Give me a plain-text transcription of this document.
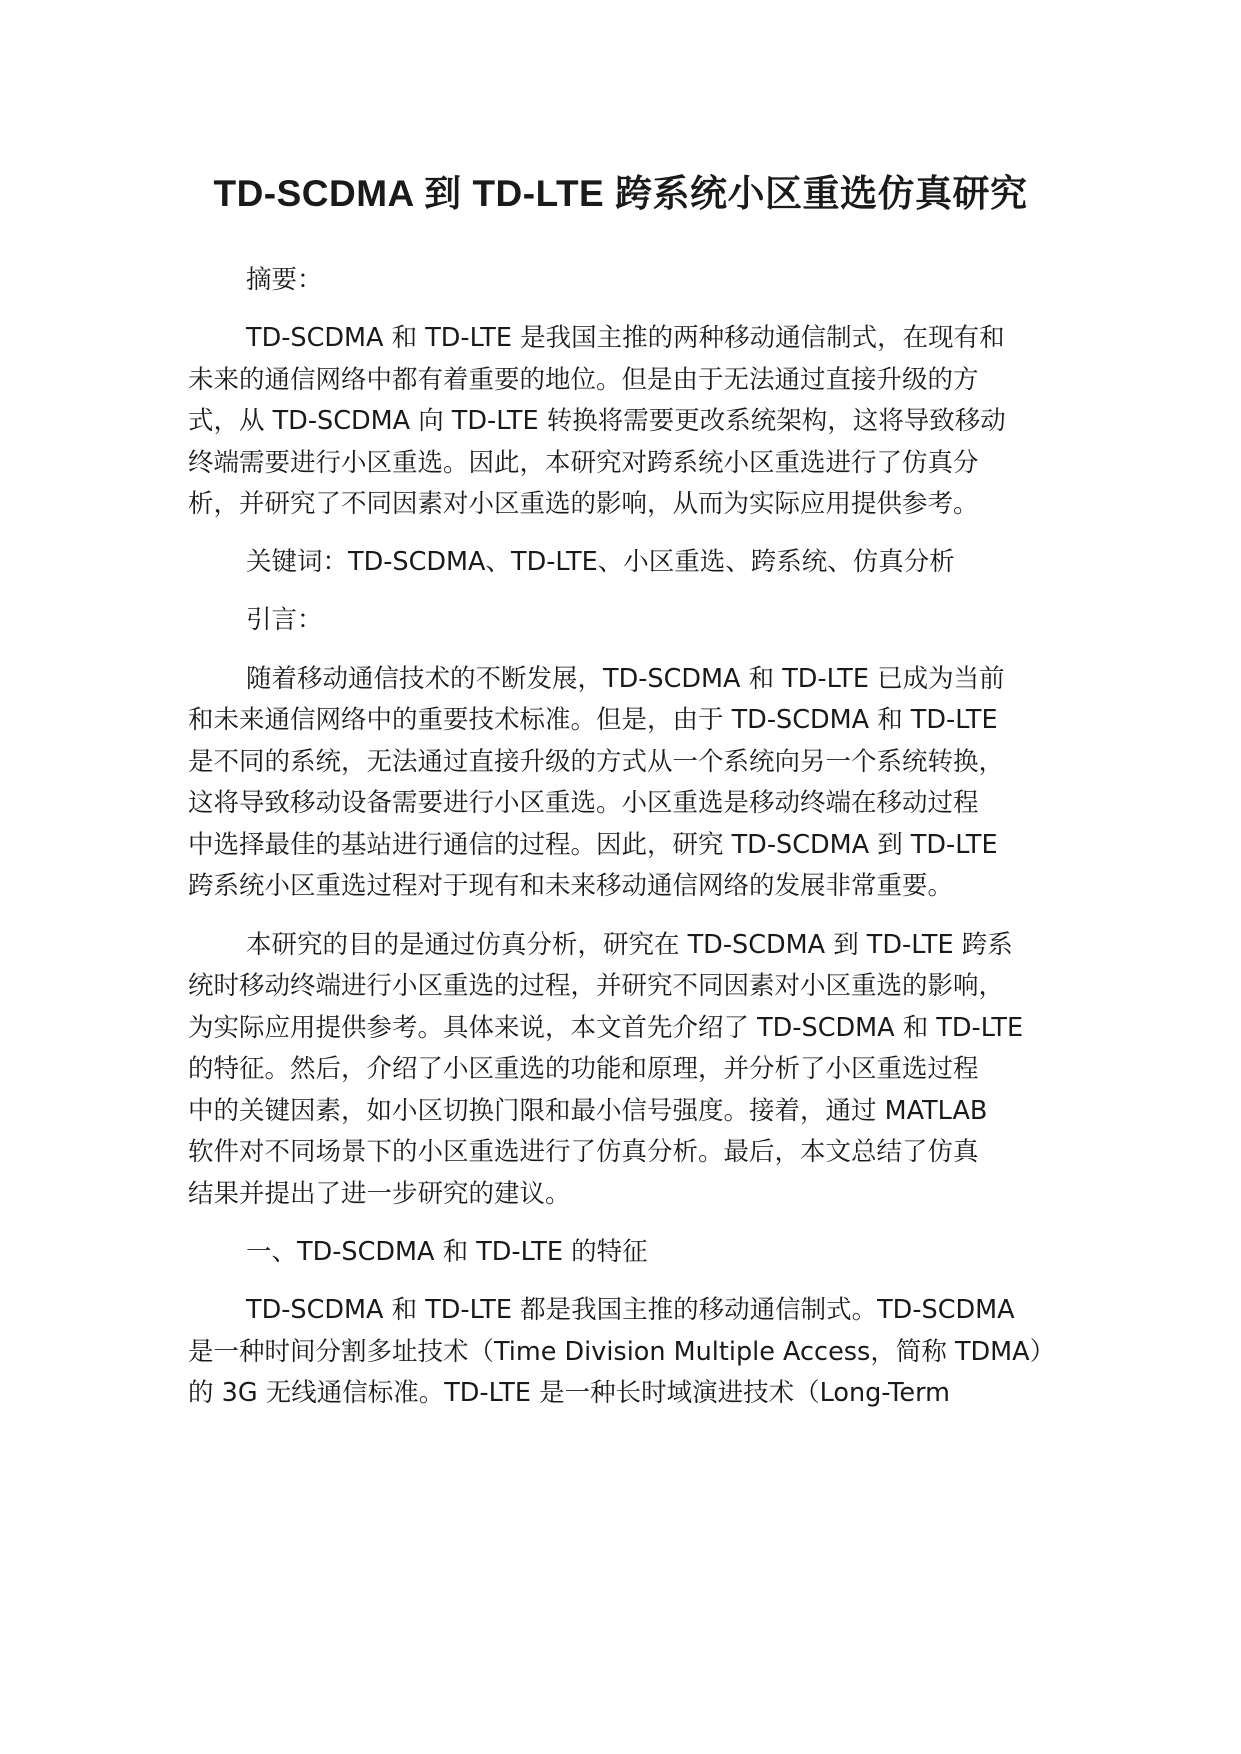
TD-SCDMA 到 TD-LTE 跨系统小区重选仿真研究
摘要：
TD-SCDMA 和 TD-LTE 是我国主推的两种移动通信制式，在现有和
未来的通信网络中都有着重要的地位。但是由于无法通过直接升级的方
式，从 TD-SCDMA 向 TD-LTE 转换将需要更改系统架构，这将导致移动
终端需要进行小区重选。因此，本研究对跨系统小区重选进行了仿真分
析，并研究了不同因素对小区重选的影响，从而为实际应用提供参考。
关键词：TD-SCDMA、TD-LTE、小区重选、跨系统、仿真分析
引言：
随着移动通信技术的不断发展，TD-SCDMA 和 TD-LTE 已成为当前
和未来通信网络中的重要技术标准。但是，由于 TD-SCDMA 和 TD-LTE
是不同的系统，无法通过直接升级的方式从一个系统向另一个系统转换，
这将导致移动设备需要进行小区重选。小区重选是移动终端在移动过程
中选择最佳的基站进行通信的过程。因此，研究 TD-SCDMA 到 TD-LTE
跨系统小区重选过程对于现有和未来移动通信网络的发展非常重要。
本研究的目的是通过仿真分析，研究在 TD-SCDMA 到 TD-LTE 跨系
统时移动终端进行小区重选的过程，并研究不同因素对小区重选的影响，
为实际应用提供参考。具体来说，本文首先介绍了 TD-SCDMA 和 TD-LTE
的特征。然后，介绍了小区重选的功能和原理，并分析了小区重选过程
中的关键因素，如小区切换门限和最小信号强度。接着，通过 MATLAB
软件对不同场景下的小区重选进行了仿真分析。最后，本文总结了仿真
结果并提出了进一步研究的建议。
一、TD-SCDMA 和 TD-LTE 的特征
TD-SCDMA 和 TD-LTE 都是我国主推的移动通信制式。TD-SCDMA
是一种时间分割多址技术（Time Division Multiple Access，简称 TDMA）
的 3G 无线通信标准。TD-LTE 是一种长时域演进技术（Long-Term
